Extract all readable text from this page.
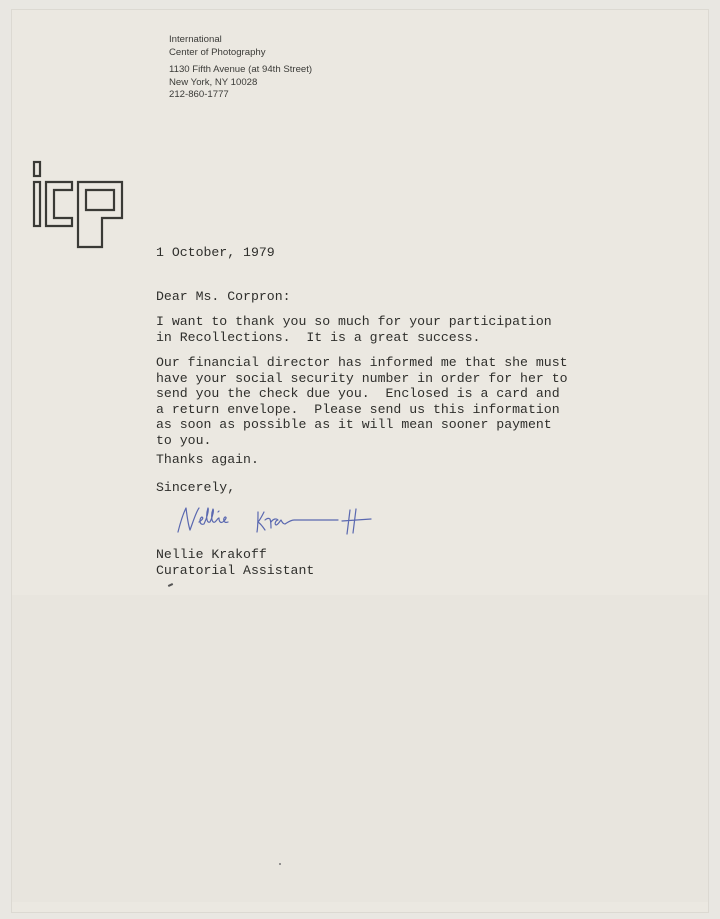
International
Center of Photography
1130 Fifth Avenue (at 94th Street)
New York, NY 10028
212-860-1777
1 October, 1979
Dear Ms. Corpron:
I want to thank you so much for your participation
in Recollections.  It is a great success.
Our financial director has informed me that she must
have your social security number in order for her to
send you the check due you.  Enclosed is a card and
a return envelope.  Please send us this information
as soon as possible as it will mean sooner payment
to you.
Thanks again.
Sincerely,
Nellie Krakoff
Curatorial Assistant
